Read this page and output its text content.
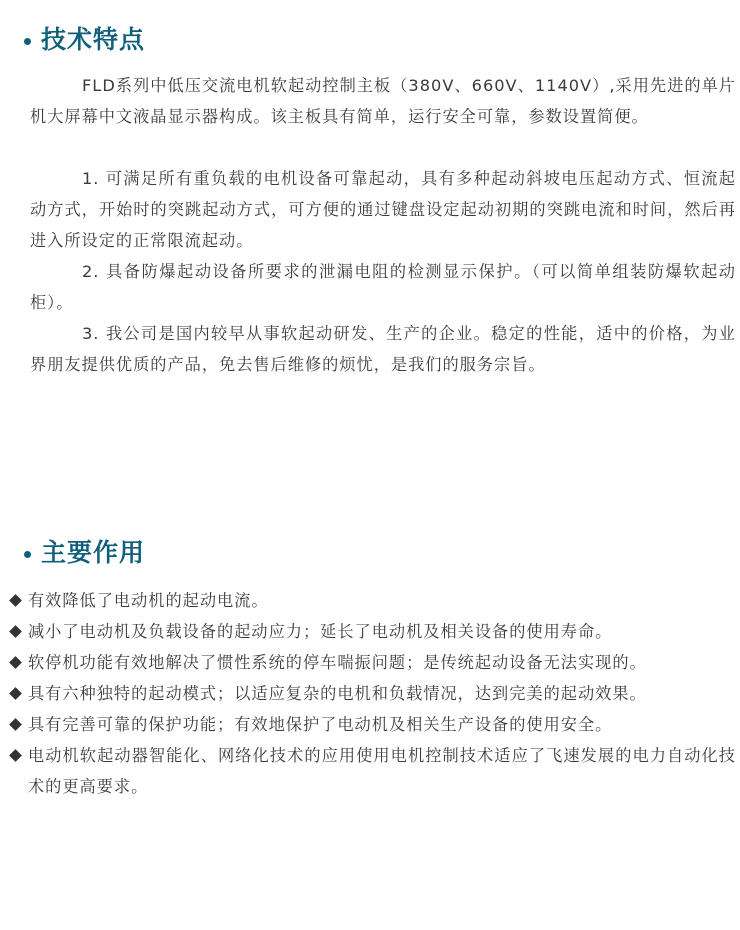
技术特点

FLD系列中低压交流电机软起动控制主板（380V、660V、1140V）,采用先进的单片机大屏幕中文液晶显示器构成。该主板具有简单，运行安全可靠，参数设置简便。

1. 可满足所有重负载的电机设备可靠起动，具有多种起动斜坡电压起动方式、恒流起动方式，开始时的突跳起动方式，可方便的通过键盘设定起动初期的突跳电流和时间，然后再进入所设定的正常限流起动。

2. 具备防爆起动设备所要求的泄漏电阻的检测显示保护。（可以简单组装防爆软起动柜）。

3. 我公司是国内较早从事软起动研发、生产的企业。稳定的性能，适中的价格，为业界朋友提供优质的产品，免去售后维修的烦忧，是我们的服务宗旨。

主要作用
有效降低了电动机的起动电流。
减小了电动机及负载设备的起动应力；延长了电动机及相关设备的使用寿命。
软停机功能有效地解决了惯性系统的停车喘振问题；是传统起动设备无法实现的。
具有六种独特的起动模式；以适应复杂的电机和负载情况，达到完美的起动效果。
具有完善可靠的保护功能；有效地保护了电动机及相关生产设备的使用安全。
电动机软起动器智能化、网络化技术的应用使用电机控制技术适应了飞速发展的电力自动化技术的更高要求。
